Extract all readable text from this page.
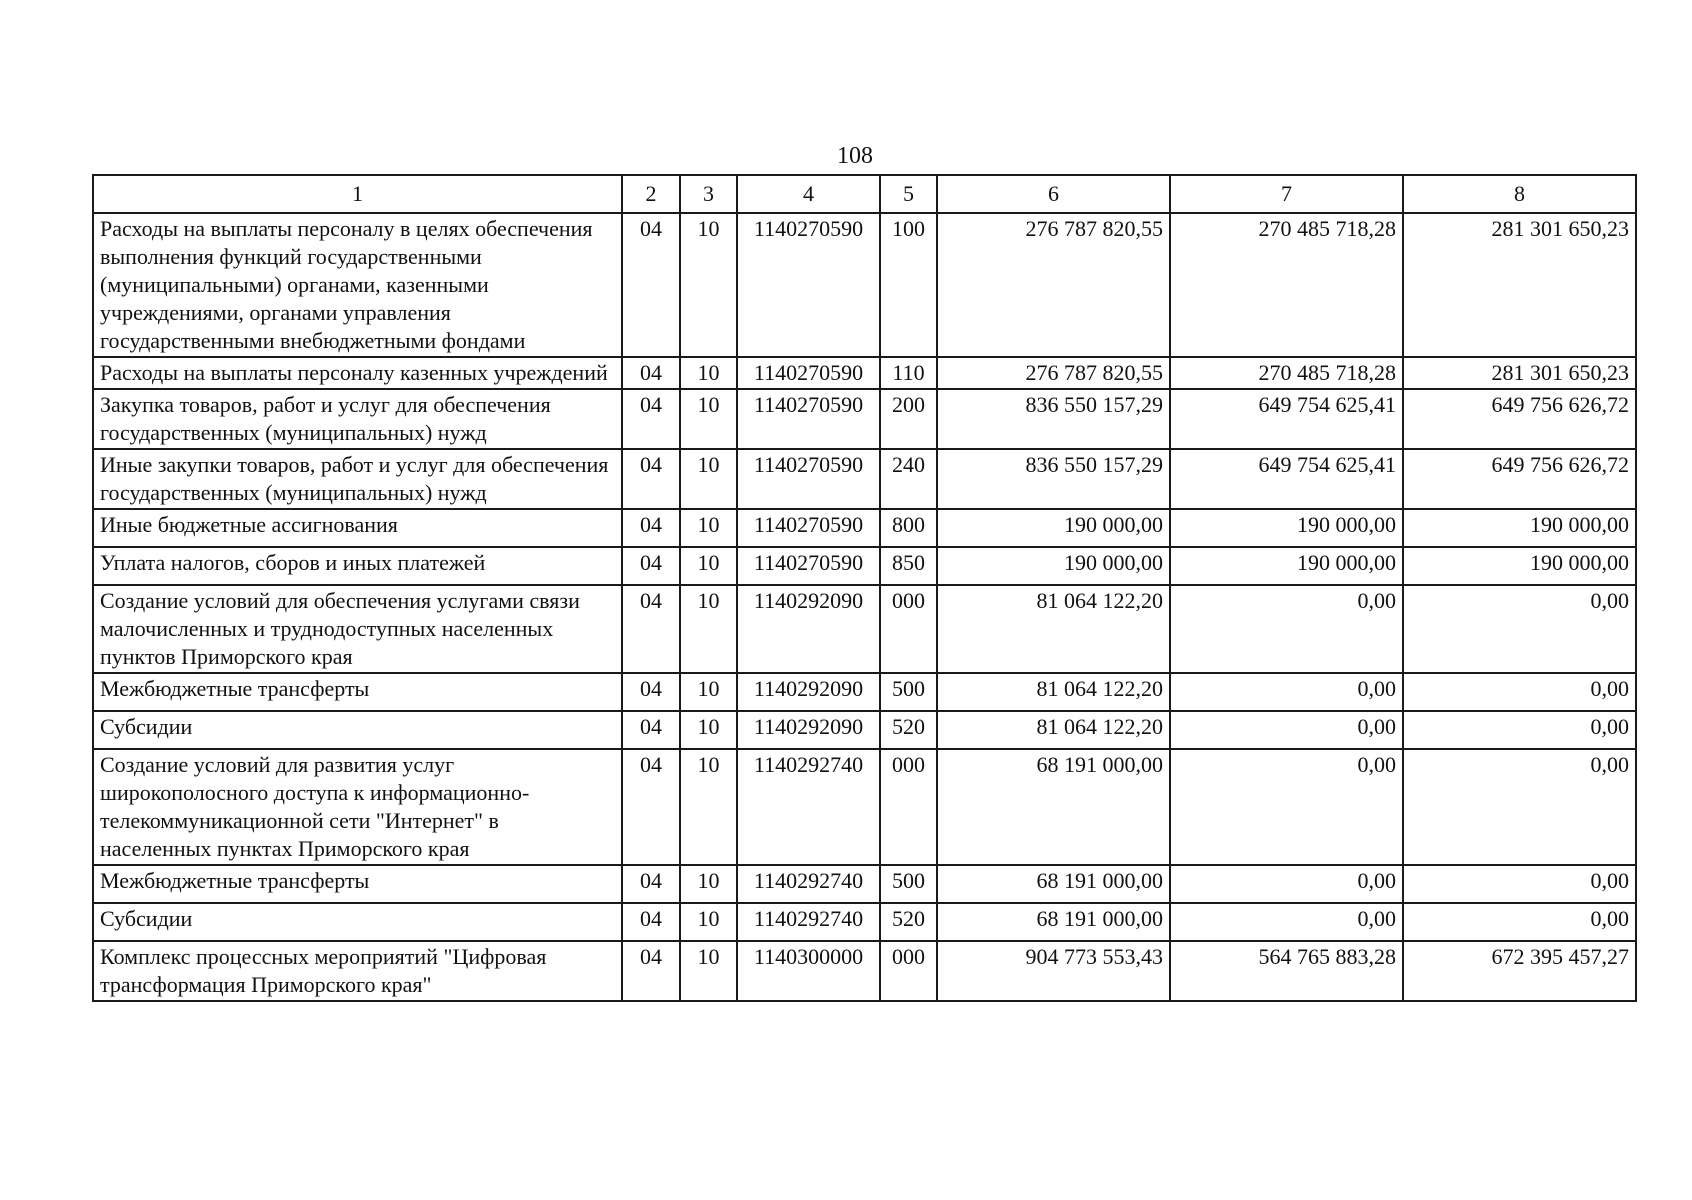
108
1	2	3	4	5	6	7	8
Расходы на выплаты персоналу в целях обеспечения выполнения функций государственными (муниципальными) органами, казенными учреждениями, органами управления государственными внебюджетными фондами	04	10	1140270590	100	276 787 820,55	270 485 718,28	281 301 650,23
Расходы на выплаты персоналу казенных учреждений	04	10	1140270590	110	276 787 820,55	270 485 718,28	281 301 650,23
Закупка товаров, работ и услуг для обеспечения государственных (муниципальных) нужд	04	10	1140270590	200	836 550 157,29	649 754 625,41	649 756 626,72
Иные закупки товаров, работ и услуг для обеспечения государственных (муниципальных) нужд	04	10	1140270590	240	836 550 157,29	649 754 625,41	649 756 626,72
Иные бюджетные ассигнования	04	10	1140270590	800	190 000,00	190 000,00	190 000,00
Уплата налогов, сборов и иных платежей	04	10	1140270590	850	190 000,00	190 000,00	190 000,00
Создание условий для обеспечения услугами связи малочисленных и труднодоступных населенных пунктов Приморского края	04	10	1140292090	000	81 064 122,20	0,00	0,00
Межбюджетные трансферты	04	10	1140292090	500	81 064 122,20	0,00	0,00
Субсидии	04	10	1140292090	520	81 064 122,20	0,00	0,00
Создание условий для развития услуг широкополосного доступа к информационно-телекоммуникационной сети "Интернет" в населенных пунктах Приморского края	04	10	1140292740	000	68 191 000,00	0,00	0,00
Межбюджетные трансферты	04	10	1140292740	500	68 191 000,00	0,00	0,00
Субсидии	04	10	1140292740	520	68 191 000,00	0,00	0,00
Комплекс процессных мероприятий "Цифровая трансформация Приморского края"	04	10	1140300000	000	904 773 553,43	564 765 883,28	672 395 457,27
